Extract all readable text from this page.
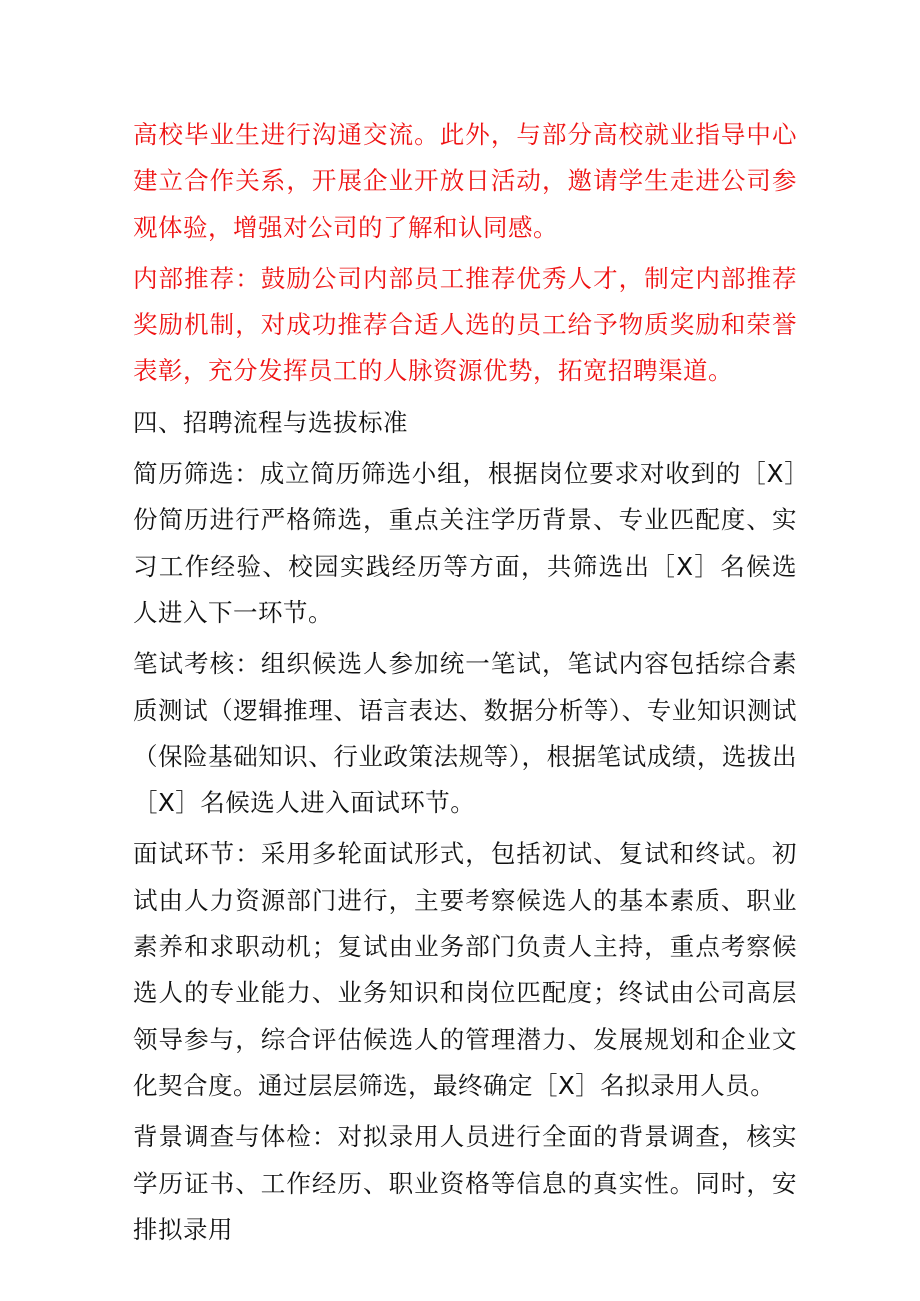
高校毕业生进行沟通交流。此外，与部分高校就业指导中心建立合作关系，开展企业开放日活动，邀请学生走进公司参观体验，增强对公司的了解和认同感。

内部推荐：鼓励公司内部员工推荐优秀人才，制定内部推荐奖励机制，对成功推荐合适人选的员工给予物质奖励和荣誉表彰，充分发挥员工的人脉资源优势，拓宽招聘渠道。

四、招聘流程与选拔标准

简历筛选：成立简历筛选小组，根据岗位要求对收到的［X］份简历进行严格筛选，重点关注学历背景、专业匹配度、实习工作经验、校园实践经历等方面，共筛选出［X］名候选人进入下一环节。

笔试考核：组织候选人参加统一笔试，笔试内容包括综合素质测试（逻辑推理、语言表达、数据分析等）、专业知识测试（保险基础知识、行业政策法规等），根据笔试成绩，选拔出［X］名候选人进入面试环节。

面试环节：采用多轮面试形式，包括初试、复试和终试。初试由人力资源部门进行，主要考察候选人的基本素质、职业素养和求职动机；复试由业务部门负责人主持，重点考察候选人的专业能力、业务知识和岗位匹配度；终试由公司高层领导参与，综合评估候选人的管理潜力、发展规划和企业文化契合度。通过层层筛选，最终确定［X］名拟录用人员。

背景调查与体检：对拟录用人员进行全面的背景调查，核实学历证书、工作经历、职业资格等信息的真实性。同时，安排拟录用
